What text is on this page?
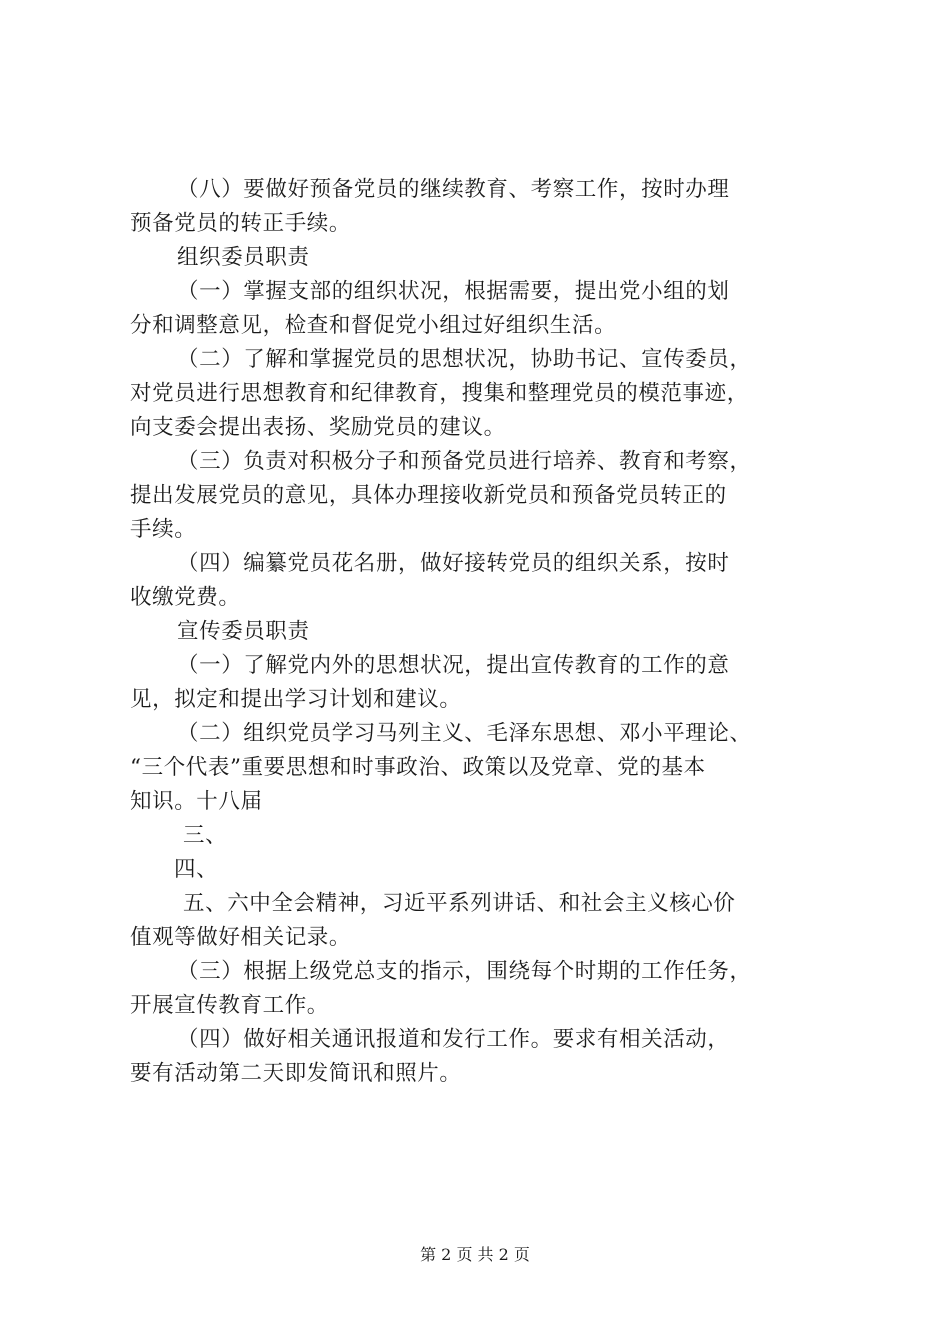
（八）要做好预备党员的继续教育、考察工作，按时办理
预备党员的转正手续。
组织委员职责
（一）掌握支部的组织状况，根据需要，提出党小组的划
分和调整意见，检查和督促党小组过好组织生活。
（二）了解和掌握党员的思想状况，协助书记、宣传委员，
对党员进行思想教育和纪律教育，搜集和整理党员的模范事迹，
向支委会提出表扬、奖励党员的建议。
（三）负责对积极分子和预备党员进行培养、教育和考察，
提出发展党员的意见，具体办理接收新党员和预备党员转正的
手续。
（四）编纂党员花名册，做好接转党员的组织关系，按时
收缴党费。
宣传委员职责
（一）了解党内外的思想状况，提出宣传教育的工作的意
见，拟定和提出学习计划和建议。
（二）组织党员学习马列主义、毛泽东思想、邓小平理论、
“三个代表”重要思想和时事政治、政策以及党章、党的基本
知识。十八届
三、
四、
五、六中全会精神，习近平系列讲话、和社会主义核心价
值观等做好相关记录。
（三）根据上级党总支的指示，围绕每个时期的工作任务，
开展宣传教育工作。
（四）做好相关通讯报道和发行工作。要求有相关活动，
要有活动第二天即发简讯和照片。
第 2 页 共 2 页
